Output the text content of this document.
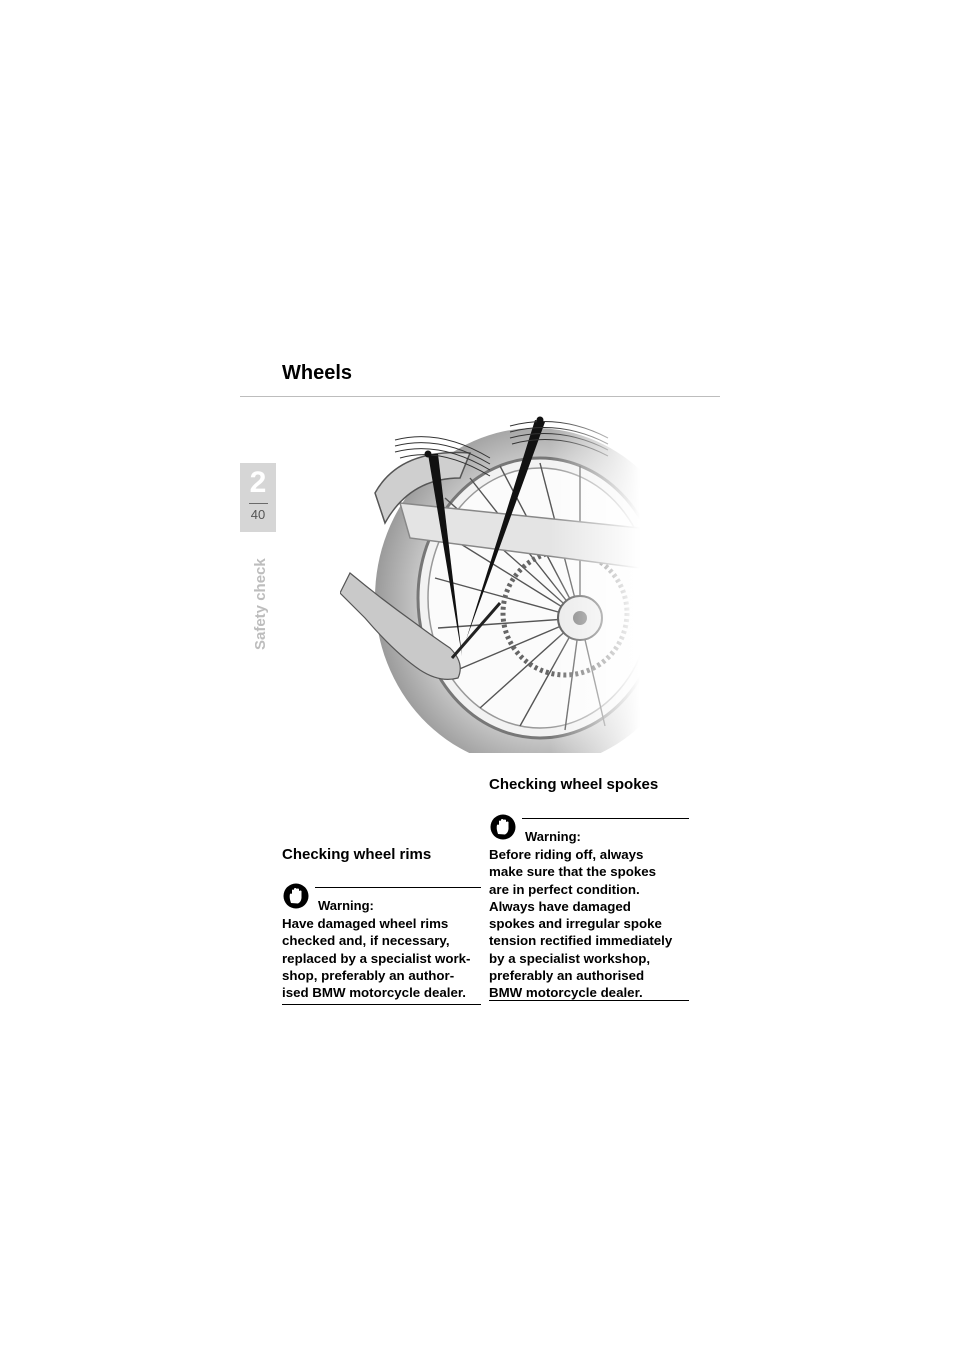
Wheels
2
40
Safety check
Checking wheel spokes
Warning:
Before riding off, always
make sure that the spokes
are in perfect condition.
Always have damaged
spokes and irregular spoke
tension rectified immediately
by a specialist workshop,
preferably an authorised
BMW motorcycle dealer.
Checking wheel rims
Warning:
Have damaged wheel rims
checked and, if necessary,
replaced by a specialist work-
shop, preferably an author-
ised BMW motorcycle dealer.
